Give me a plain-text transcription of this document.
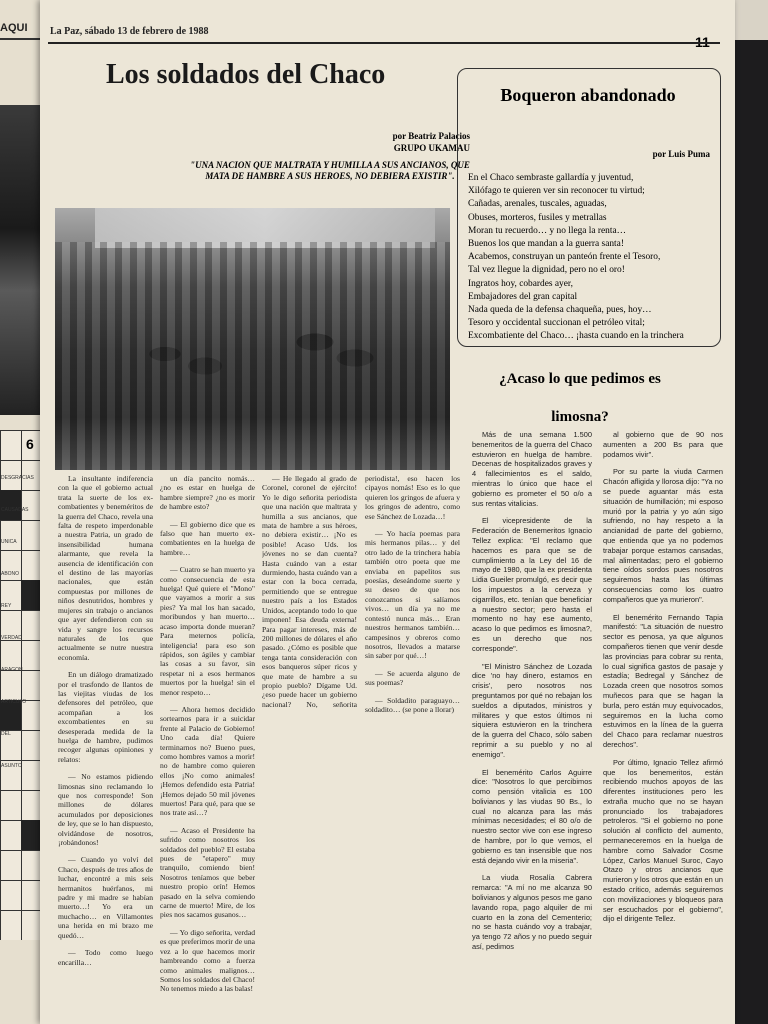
AQUI
6
DESGRACIAS CAUSADAS
UNICA
ABONO
REY
VERDAD
ARAGON
ARTICULO
DEL
ASUNTO
La Paz, sábado 13 de febrero de 1988
Los soldados del Chaco
por Beatriz Palacios
GRUPO UKAMAU
"UNA NACION QUE MALTRATA Y HUMILLA A SUS ANCIANOS, QUE MATA DE HAMBRE A SUS HEROES, NO DEBIERA EXISTIR".
Boqueron abandonado
por Luis Puma
En el Chaco sembraste gallardía y juventud,
Xilófago te quieren ver sin reconocer tu virtud;
Cañadas, arenales, tuscales, aguadas,
Obuses, morteros, fusiles y metrallas
Moran tu recuerdo… y no llega la renta…
Buenos los que mandan a la guerra santa!
Acabemos, construyan un panteón frente el Tesoro,
Tal vez llegue la dignidad, pero no el oro!
Ingratos hoy, cobardes ayer,
Embajadores del gran capital
Nada queda de la defensa chaqueña, pues, hoy…
Tesoro y occidental succionan el petróleo vital;
Excombatiente del Chaco… ¡hasta cuando en la trinchera
¿Acaso lo que pedimos es limosna?

La insultante indiferencia con la que el gobierno actual trata la suerte de los ex-combatientes y beneméritos de la guerra del Chaco, revela una falta de respeto imperdonable a nuestra Patria, un grado de insensibilidad humana alarmante, que revela la ausencia de identificación con el destino de las mayorías nacionales, que están compuestas por millones de niños desnutridos, hombres y mujeres sin trabajo o ancianos que ayer defendieron con su vida y sangre los recursos naturales de los que actualmente se nutre nuestra economía.

En un diálogo dramatizado por el trasfondo de llantos de las viejitas viudas de los defensores del petróleo, que acompañan a los excombatientes en su desesperada medida de la huelga de hambre, pudimos recoger algunas opiniones y relatos:

— No estamos pidiendo limosnas sino reclamando lo que nos corresponde! Son millones de dólares acumulados por deposiciones de ley, que se lo han dispuesto, olvidándose de nosotros, ¡robándonos!

— Cuando yo volví del Chaco, después de tres años de luchar, encontré a mis seis hermanitos huérfanos, mi padre y mi madre se habían muerto…! Yo era un muchacho… en Villamontes una herida en mi brazo me quedó…

— Todo como luego encarilla…

un día pancito nomás… ¿no es estar en huelga de hambre siempre? ¿no es morir de hambre esto?

— El gobierno dice que es falso que han muerto ex-combatientes en la huelga de hambre…

— Cuatro se han muerto ya como consecuencia de esta huelga! Qué quiere el "Mono" que vayamos a morir a sus pies? Ya mal los han sacado, moribundos y han muerto… acaso importa donde mueran? Para meternos policía, inteligencia! para eso son rápidos, son ágiles y cambiar las cosas a su favor, sin respetar ni a esos hermanos muertos por la huelga! sin el menor respeto…

— Ahora hemos decidido sortearnos para ir a suicidar frente al Palacio de Gobierno! Uno cada día! Quiere terminarnos no? Bueno pues, como hombres vamos a morir! no de hambre como quieren ellos ¡No como animales! ¡Hemos defendido esta Patria! ¡Hemos dejado 50 mil jóvenes muertos! Para qué, para que se nos trate así…?

— Acaso el Presidente ha sufrido como nosotros los soldados del pueblo? El estaba pues de "etapero" muy tranquilo, comiendo bien! Nosotros teníamos que beber nuestro propio orín! Hemos pasado en la selva comiendo carne de muerto! Mire, de los pies nos sacamos gusanos…

— Yo digo señorita, verdad es que preferimos morir de una vez a lo que hacemos morir hambreando como a fuerza como animales malignos… Somos los soldados del Chaco! No tenemos miedo a las balas!

— He llegado al grado de Coronel, coronel de ejército! Yo le digo señorita periodista que una nación que maltrata y humilla a sus ancianos, que mata de hambre a sus héroes, no debiera existir… ¡No es posible! Acaso Uds. los jóvenes no se dan cuenta? Hasta cuándo van a estar durmiendo, hasta cuándo van a estar con la boca cerrada, permitiendo que se entregue nuestro país a los Estados Unidos, aceptando todo lo que imponen! Esa deuda externa! Para pagar intereses, más de 200 millones de dólares el año pasado. ¿Cómo es posible que tenga tanta consideración con esos banqueros súper ricos y que mate de hambre a su propio pueblo? Dígame Ud. ¿eso puede hacer un gobierno nacional? No, señorita periodista!, eso hacen los cipayos nomás! Eso es lo que quieren los gringos de afuera y los gringos de adentro, como ese Sánchez de Lozada…!

— Yo hacía poemas para mis hermanos pilas… y del otro lado de la trinchera había también otro poeta que me enviaba en papelitos sus poesías, deseándome suerte y su deseo de que nos conozcamos si salíamos vivos… un día ya no me contestó nunca más… Eran nuestros hermanos también… campesinos y obreros como nosotros, llevados a matarse sin saber por qué…!

— Se acuerda alguno de sus poemas?

— Soldadito paraguayo… soldadito… (se pone a llorar)

Más de una semana 1.500 benemeritos de la guerra del Chaco estuvieron en huelga de hambre. Decenas de hospitalizados graves y 4 fallecimientos es el saldo, mientras lo único que hace el gobierno es prometer el 50 o/o a sus rentas vitalicias.

El vicepresidente de la Federación de Benemeritos Ignacio Tellez explica: "El reclamo que hacemos es para que se de cumplimiento a la Ley del 16 de mayo de 1980, que la ex presidenta Lidia Gueiler promulgó, es decir que los impuestos a la cerveza y cigarrillos, etc. tenían que beneficiar a nuestro sector; pero hasta el momento no hay ese aumento, acaso lo que pedimos es limosna?, es un derecho que nos corresponde".

"El Ministro Sánchez de Lozada dice 'no hay dinero, estamos en crisis', pero nosotros nos preguntamos por qué no rebajan los sueldos a diputados, ministros y militares y que estos últimos ni siquiera estuvieron en la trinchera de la guerra del Chaco, sólo saben reprimir a su pueblo y no al enemigo".

El benemérito Carlos Aguirre dice: "Nosotros lo que percibimos como pensión vitalicia es 100 bolivianos y las viudas 90 Bs., lo cual no alcanza para las más mínimas necesidades; el 80 o/o de nuestro sector vive con ese ingreso de hambre, por lo que vemos, el gobierno es tan insensible que nos está dejando vivir en la miseria".

La viuda Rosalía Cabrera remarca: "A mí no me alcanza 90 bolivianos y algunos pesos me gano lavando ropa, pago alquiler de mi cuarto en la zona del Cementerio; no se hasta cuándo voy a trabajar, ya tengo 72 años y no puedo seguir así, pedimos

al gobierno que de 90 nos aumenten a 200 Bs para que podamos vivir".

Por su parte la viuda Carmen Chacón afligida y llorosa dijo: "Ya no se puede aguantar más esta situación de humillación; mi esposo murió por la patria y yo aún sigo sufriendo, no hay respeto a la ancianidad de parte del gobierno, que entienda que ya no podemos trabajar porque estamos cansadas, mal alimentadas; pero el gobierno tiene oídos sordos pues nosotros seguiremos hasta las últimas consecuencias como los cuatro compañeros que ya murieron".

El benemérito Fernando Tapia manifestó: "La situación de nuestro sector es penosa, ya que algunos compañeros tienen que venir desde las provincias para cobrar su renta, lo cual significa gastos de pasaje y estadía; Bedregal y Sánchez de Lozada creen que nosotros somos muñecos para que se hagan la burla, pero están muy equivocados, seguiremos en la lucha como estuvimos en la línea de la guerra del Chaco para reclamar nuestros derechos".

Por último, Ignacio Tellez afirmó que los benemeritos, están recibiendo muchos apoyos de las diferentes instituciones pero les extraña mucho que no se hayan pronunciado los trabajadores petroleros. "Si el gobierno no pone solución al conflicto del aumento, permaneceremos en la huelga de hambre como Salvador Cosme López, Carlos Manuel Suroc, Cayo Otazo y otros ancianos que murieron y los otros que están en un estado crítico, además seguiremos con movilizaciones y bloqueos para ser escuchados por el gobierno", dijo el dirigente Tellez.
